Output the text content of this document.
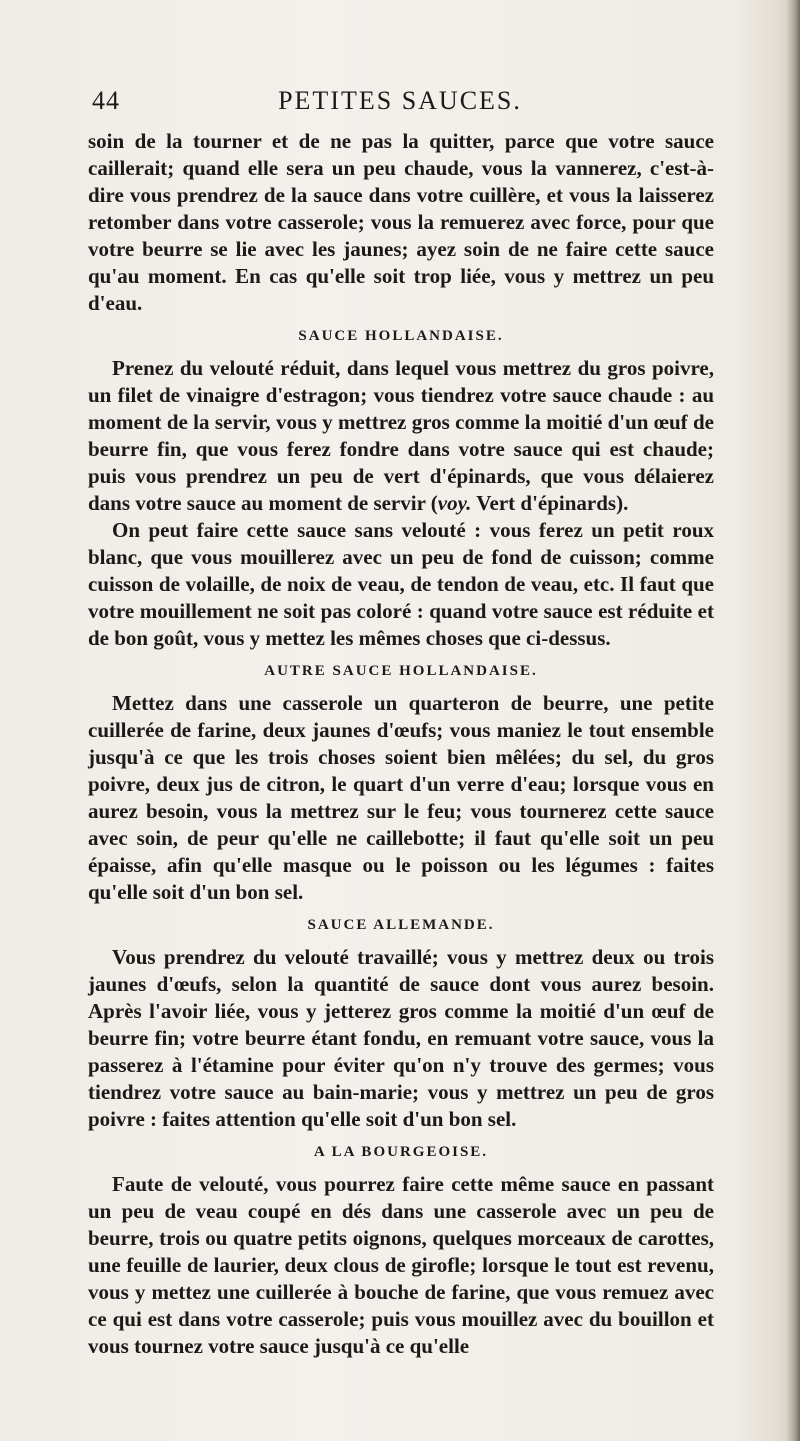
44	PETITES SAUCES.

soin de la tourner et de ne pas la quitter, parce que votre sauce caillerait; quand elle sera un peu chaude, vous la vannerez, c'est-à-dire vous prendrez de la sauce dans votre cuillère, et vous la laisserez retomber dans votre casserole; vous la remuerez avec force, pour que votre beurre se lie avec les jaunes; ayez soin de ne faire cette sauce qu'au moment. En cas qu'elle soit trop liée, vous y mettrez un peu d'eau.

SAUCE HOLLANDAISE.

Prenez du velouté réduit, dans lequel vous mettrez du gros poivre, un filet de vinaigre d'estragon; vous tiendrez votre sauce chaude : au moment de la servir, vous y mettrez gros comme la moitié d'un œuf de beurre fin, que vous ferez fondre dans votre sauce qui est chaude; puis vous prendrez un peu de vert d'épinards, que vous délaierez dans votre sauce au moment de servir (voy. Vert d'épinards).

On peut faire cette sauce sans velouté : vous ferez un petit roux blanc, que vous mouillerez avec un peu de fond de cuisson; comme cuisson de volaille, de noix de veau, de tendon de veau, etc. Il faut que votre mouillement ne soit pas coloré : quand votre sauce est réduite et de bon goût, vous y mettez les mêmes choses que ci-dessus.

AUTRE SAUCE HOLLANDAISE.

Mettez dans une casserole un quarteron de beurre, une petite cuillerée de farine, deux jaunes d'œufs; vous maniez le tout ensemble jusqu'à ce que les trois choses soient bien mêlées; du sel, du gros poivre, deux jus de citron, le quart d'un verre d'eau; lorsque vous en aurez besoin, vous la mettrez sur le feu; vous tournerez cette sauce avec soin, de peur qu'elle ne caillebotte; il faut qu'elle soit un peu épaisse, afin qu'elle masque ou le poisson ou les légumes : faites qu'elle soit d'un bon sel.

SAUCE ALLEMANDE.

Vous prendrez du velouté travaillé; vous y mettrez deux ou trois jaunes d'œufs, selon la quantité de sauce dont vous aurez besoin. Après l'avoir liée, vous y jetterez gros comme la moitié d'un œuf de beurre fin; votre beurre étant fondu, en remuant votre sauce, vous la passerez à l'étamine pour éviter qu'on n'y trouve des germes; vous tiendrez votre sauce au bain-marie; vous y mettrez un peu de gros poivre : faites attention qu'elle soit d'un bon sel.

A LA BOURGEOISE.

Faute de velouté, vous pourrez faire cette même sauce en passant un peu de veau coupé en dés dans une casserole avec un peu de beurre, trois ou quatre petits oignons, quelques morceaux de carottes, une feuille de laurier, deux clous de girofle; lorsque le tout est revenu, vous y mettez une cuillerée à bouche de farine, que vous remuez avec ce qui est dans votre casserole; puis vous mouillez avec du bouillon et vous tournez votre sauce jusqu'à ce qu'elle
